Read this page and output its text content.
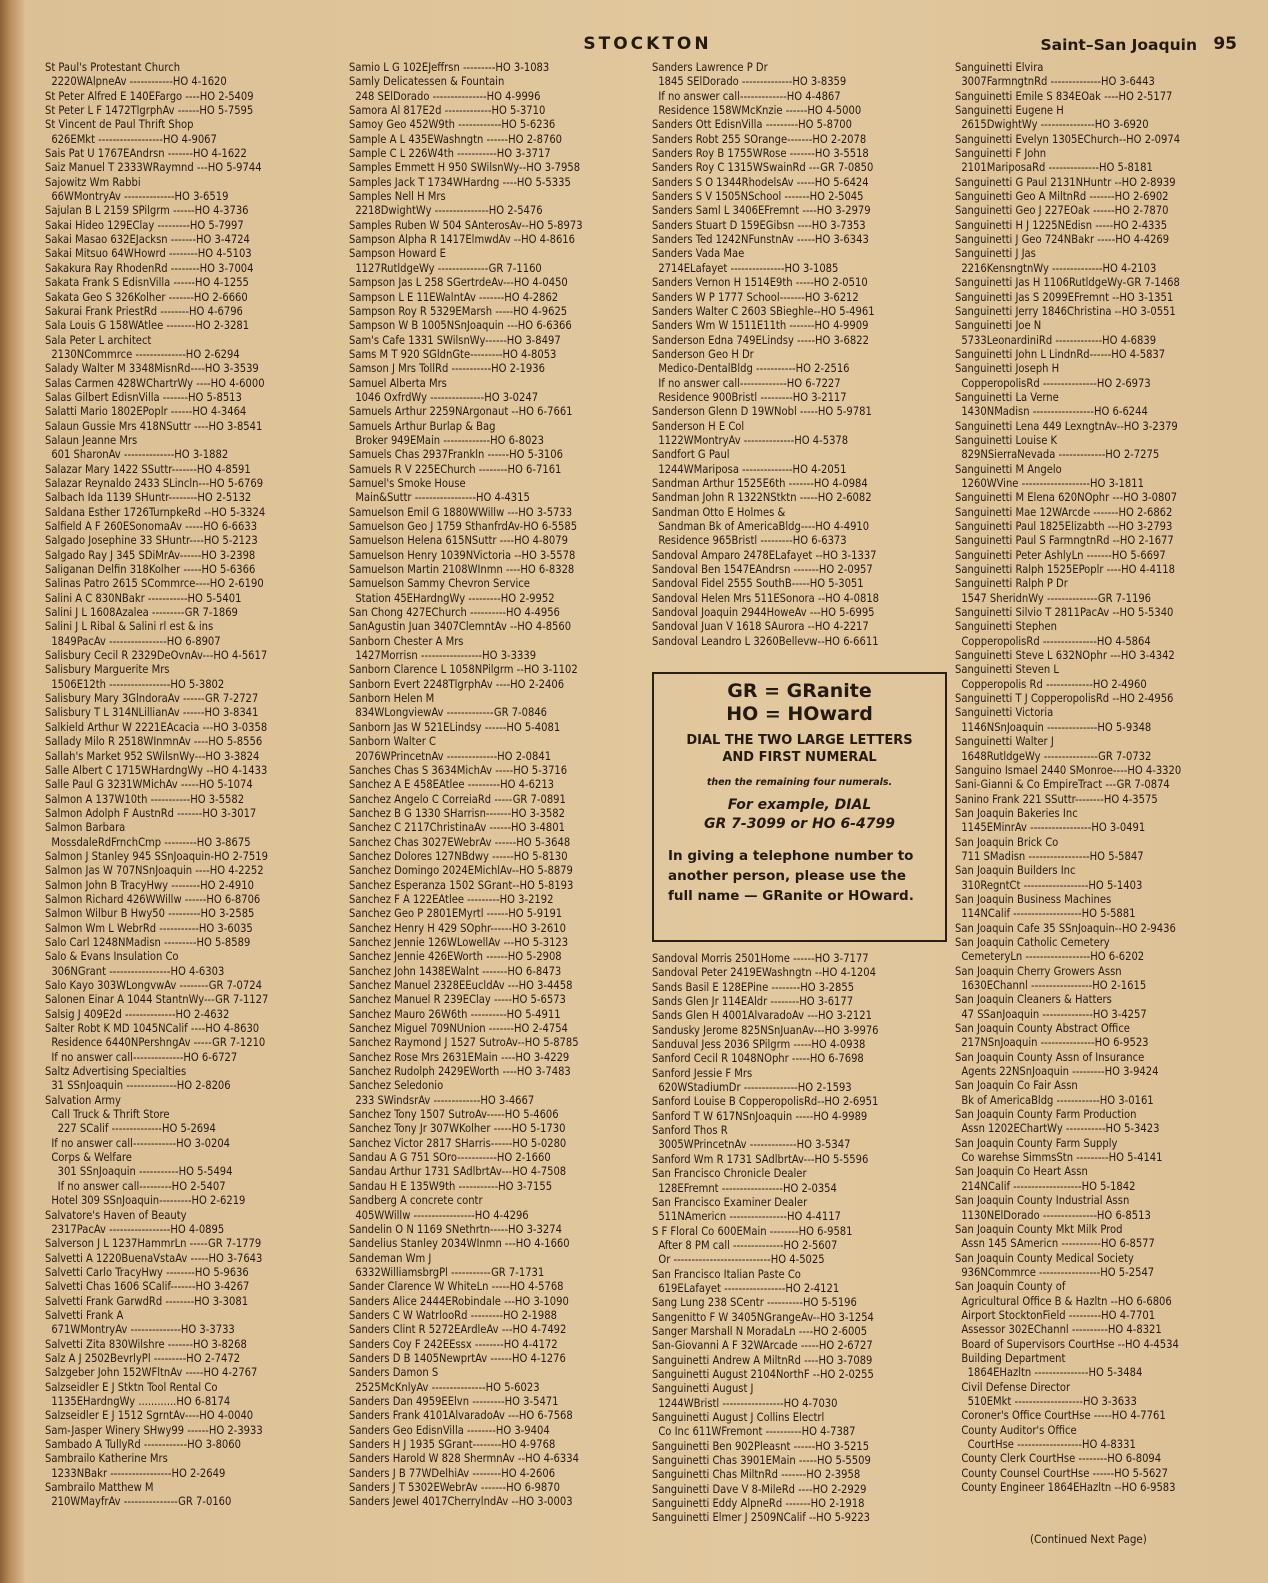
STOCKTON	Saint–San Joaquin 95
St Paul's Protestant Church
2220WAlpneAv ------------HO 4-1620
St Peter Alfred E 140EFargo ----HO 2-5409
St Peter L F 1472TlgrphAv ------HO 5-7595
St Vincent de Paul Thrift Shop
626EMkt ------------------HO 4-9067
Sais Pat U 1767EAndrsn -------HO 4-1622
Saiz Manuel T 2333WRaymnd ---HO 5-9744
Sajowitz Wm Rabbi
66WMontryAv --------------HO 3-6519
Sajulan B L 2159 SPilgrm ------HO 4-3736
Sakai Hideo 129EClay ---------HO 5-7997
Sakai Masao 632EJacksn -------HO 3-4724
Sakai Mitsuo 64WHowrd --------HO 4-5103
Sakakura Ray RhodenRd --------HO 3-7004
Sakata Frank S EdisnVilla ------HO 4-1255
Sakata Geo S 326Kolher -------HO 2-6660
Sakurai Frank PriestRd --------HO 4-6796
Sala Louis G 158WAtlee --------HO 2-3281
Sala Peter L architect
2130NCommrce --------------HO 2-6294
Salady Walter M 3348MisnRd----HO 3-3539
Salas Carmen 428WChartrWy ----HO 4-6000
Salas Gilbert EdisnVilla -------HO 5-8513
Salatti Mario 1802EPoplr ------HO 4-3464
Salaun Gussie Mrs 418NSuttr ----HO 3-8541
Salaun Jeanne Mrs
601 SharonAv --------------HO 3-1882
Salazar Mary 1422 SSuttr-------HO 4-8591
Salazar Reynaldo 2433 SLincln---HO 5-6769
Salbach Ida 1139 SHuntr--------HO 2-5132
Saldana Esther 1726TurnpkeRd --HO 5-3324
Salfield A F 260ESonomaAv -----HO 6-6633
Salgado Josephine 33 SHuntr----HO 5-2123
Salgado Ray J 345 SDiMrAv------HO 3-2398
Saliganan Delfin 318Kolher -----HO 5-6366
Salinas Patro 2615 SCommrce----HO 2-6190
Salini A C 830NBakr -----------HO 5-5401
Salini J L 1608Azalea ---------GR 7-1869
Salini J L Ribal & Salini rl est & ins
1849PacAv ----------------HO 6-8907
Salisbury Cecil R 2329DeOvnAv---HO 4-5617
Salisbury Marguerite Mrs
1506E12th -----------------HO 5-3802
Salisbury Mary 3GlndoraAv ------GR 7-2727
Salisbury T L 314NLillianAv ------HO 3-8341
Salkield Arthur W 2221EAcacia ---HO 3-0358
Sallady Milo R 2518WInmnAv ----HO 5-8556
Sallah's Market 952 SWilsnWy---HO 3-3824
Salle Albert C 1715WHardngWy --HO 4-1433
Salle Paul G 3231WMichAv -----HO 5-1074
Salmon A 137W10th -----------HO 3-5582
Salmon Adolph F AustnRd -------HO 3-3017
Salmon Barbara
MossdaleRdFrnchCmp ---------HO 3-8675
Salmon J Stanley 945 SSnJoaquin-HO 2-7519
Salmon Jas W 707NSnJoaquin ----HO 4-2252
Salmon John B TracyHwy --------HO 2-4910
Salmon Richard 426WWillw ------HO 6-8706
Salmon Wilbur B Hwy50 ---------HO 3-2585
Salmon Wm L WebrRd -----------HO 3-6035
Salo Carl 1248NMadisn ---------HO 5-8589
Salo & Evans Insulation Co
306NGrant -----------------HO 4-6303
Salo Kayo 303WLongvwAv --------GR 7-0724
Salonen Einar A 1044 StantnWy---GR 7-1127
Salsig J 409E2d --------------HO 2-4632
Salter Robt K MD 1045NCalif ----HO 4-8630
Residence 6440NPershngAv -----GR 7-1210
If no answer call--------------HO 6-6727
Saltz Advertising Specialties
31 SSnJoaquin --------------HO 2-8206
Salvation Army
Call Truck & Thrift Store
227 SCalif --------------HO 5-2694
If no answer call------------HO 3-0204
Corps & Welfare
301 SSnJoaquin -----------HO 5-5494
If no answer call---------HO 2-5407
Hotel 309 SSnJoaquin---------HO 2-6219
Salvatore's Haven of Beauty
2317PacAv -----------------HO 4-0895
Salverson J L 1237HammrLn -----GR 7-1779
Salvetti A 1220BuenaVstaAv -----HO 3-7643
Salvetti Carlo TracyHwy --------HO 5-9636
Salvetti Chas 1606 SCalif-------HO 3-4267
Salvetti Frank GarwdRd --------HO 3-3081
Salvetti Frank A
671WMontryAv --------------HO 3-3733
Salvetti Zita 830Wilshre -------HO 3-8268
Salz A J 2502BevrlyPl ---------HO 2-7472
Salzgeber John 152WFltnAv -----HO 4-2767
Salzseidler E J Stktn Tool Rental Co
1135EHardngWy ............HO 6-8174
Salzseidler E J 1512 SgrntAv----HO 4-0040
Sam-Jasper Winery SHwy99 ------HO 2-3933
Sambado A TullyRd ------------HO 3-8060
Sambrailo Katherine Mrs
1233NBakr -----------------HO 2-2649
Sambrailo Matthew M
210WMayfrAv ---------------GR 7-0160
Samio L G 102EJeffrsn ---------HO 3-1083
Samly Delicatessen & Fountain
248 SElDorado ---------------HO 4-9996
Samora Al 817E2d -------------HO 5-3710
Samoy Geo 452W9th ------------HO 5-6236
Sample A L 435EWashngtn ------HO 2-8760
Sample C L 226W4th -----------HO 3-3717
Samples Emmett H 950 SWilsnWy--HO 3-7958
Samples Jack T 1734WHardng ----HO 5-5335
Samples Nell H Mrs
2218DwightWy ---------------HO 2-5476
Samples Ruben W 504 SAnterosAv--HO 5-8973
Sampson Alpha R 1417ElmwdAv --HO 4-8616
Sampson Howard E
1127RutldgeWy --------------GR 7-1160
Sampson Jas L 258 SGertrdeAv---HO 4-0450
Sampson L E 11EWalntAv -------HO 4-2862
Sampson Roy R 5329EMarsh -----HO 4-9625
Sampson W B 1005NSnJoaquin ---HO 6-6366
Sam's Cafe 1331 SWilsnWy------HO 3-8497
Sams M T 920 SGldnGte---------HO 4-8053
Samson J Mrs TollRd -----------HO 2-1936
Samuel Alberta Mrs
1046 OxfrdWy ---------------HO 3-0247
Samuels Arthur 2259NArgonaut --HO 6-7661
Samuels Arthur Burlap & Bag
Broker 949EMain -------------HO 6-8023
Samuels Chas 2937Frankln ------HO 5-3106
Samuels R V 225EChurch --------HO 6-7161
Samuel's Smoke House
Main&Suttr -----------------HO 4-4315
Samuelson Emil G 1880WWillw ---HO 3-5733
Samuelson Geo J 1759 SthanfrdAv-HO 6-5585
Samuelson Helena 615NSuttr ----HO 4-8079
Samuelson Henry 1039NVictoria --HO 3-5578
Samuelson Martin 2108WInmn ----HO 6-8328
Samuelson Sammy Chevron Service
Station 45EHardngWy ---------HO 2-9952
San Chong 427EChurch ----------HO 4-4956
SanAgustin Juan 3407ClemntAv --HO 4-8560
Sanborn Chester A Mrs
1427Morrisn -----------------HO 3-3339
Sanborn Clarence L 1058NPilgrm --HO 3-1102
Sanborn Evert 2248TlgrphAv ----HO 2-2406
Sanborn Helen M
834WLongviewAv -------------GR 7-0846
Sanborn Jas W 521ELindsy ------HO 5-4081
Sanborn Walter C
2076WPrincetnAv --------------HO 2-0841
Sanches Chas S 3634MichAv -----HO 5-3716
Sanchez A E 458EAtlee ---------HO 4-6213
Sanchez Angelo C CorreiaRd -----GR 7-0891
Sanchez B G 1330 SHarrisn-------HO 3-3582
Sanchez C 2117ChristinaAv ------HO 3-4801
Sanchez Chas 3027EWebrAv ------HO 5-3648
Sanchez Dolores 127NBdwy ------HO 5-8130
Sanchez Domingo 2024EMichlAv--HO 5-8879
Sanchez Esperanza 1502 SGrant--HO 5-8193
Sanchez F A 122EAtlee ---------HO 3-2192
Sanchez Geo P 2801EMyrtl ------HO 5-9191
Sanchez Henry H 429 SOphr------HO 3-2610
Sanchez Jennie 126WLowellAv ---HO 5-3123
Sanchez Jennie 426EWorth ------HO 5-2908
Sanchez John 1438EWalnt -------HO 6-8473
Sanchez Manuel 2328EEucldAv ---HO 3-4458
Sanchez Manuel R 239EClay -----HO 5-6573
Sanchez Mauro 26W6th ----------HO 5-4911
Sanchez Miguel 709NUnion -------HO 2-4754
Sanchez Raymond J 1527 SutroAv--HO 5-8785
Sanchez Rose Mrs 2631EMain ----HO 3-4229
Sanchez Rudolph 2429EWorth ----HO 3-7483
Sanchez Seledonio
233 SWindsrAv -------------HO 3-4667
Sanchez Tony 1507 SutroAv-----HO 5-4606
Sanchez Tony Jr 307WKolher -----HO 5-1730
Sanchez Victor 2817 SHarris------HO 5-0280
Sandau A G 751 SOro-----------HO 2-1660
Sandau Arthur 1731 SAdlbrtAv---HO 4-7508
Sandau H E 135W9th -----------HO 3-7155
Sandberg A concrete contr
405WWillw -----------------HO 4-4296
Sandelin O N 1169 SNethrtn-----HO 3-3274
Sandelius Stanley 2034WInmn ---HO 4-1660
Sandeman Wm J
6332WilliamsbrgPl -----------GR 7-1731
Sander Clarence W WhiteLn -----HO 4-5768
Sanders Alice 2444ERobindale ---HO 3-1090
Sanders C W WatrlooRd ---------HO 2-1988
Sanders Clint R 5272EArdleAv ---HO 4-7492
Sanders Coy F 242EEssx --------HO 4-4172
Sanders D B 1405NewprtAv ------HO 4-1276
Sanders Damon S
2525McKnlyAv ---------------HO 5-6023
Sanders Dan 4959EElvn ---------HO 3-5471
Sanders Frank 4101AlvaradoAv ---HO 6-7568
Sanders Geo EdisnVilla --------HO 3-9404
Sanders H J 1935 SGrant--------HO 4-9768
Sanders Harold W 828 ShermnAv --HO 4-6334
Sanders J B 77WDelhiAv --------HO 4-2606
Sanders J T 5302EWebrAv -------HO 6-9870
Sanders Jewel 4017CherrylndAv --HO 3-0003
Sanders Lawrence P Dr
1845 SElDorado --------------HO 3-8359
If no answer call-------------HO 4-4867
Residence 158WMcKnzie ------HO 4-5000
Sanders Ott EdisnVilla ---------HO 5-8700
Sanders Robt 255 SOrange-------HO 2-2078
Sanders Roy B 1755WRose -------HO 3-5518
Sanders Roy C 1315WSwainRd ---GR 7-0850
Sanders S O 1344RhodelsAv -----HO 5-6424
Sanders S V 1505NSchool -------HO 2-5045
Sanders Saml L 3406EFremnt ----HO 3-2979
Sanders Stuart D 159EGibsn ----HO 3-7353
Sanders Ted 1242NFunstnAv -----HO 3-6343
Sanders Vada Mae
2714ELafayet ---------------HO 3-1085
Sanders Vernon H 1514E9th -----HO 2-0510
Sanders W P 1777 School-------HO 3-6212
Sanders Walter C 2603 SBieghle--HO 5-4961
Sanders Wm W 1511E11th -------HO 4-9909
Sanderson Edna 749ELindsy -----HO 3-6822
Sanderson Geo H Dr
Medico-DentalBldg -----------HO 2-2516
If no answer call-------------HO 6-7227
Residence 900Bristl ---------HO 3-2117
Sanderson Glenn D 19WNobl -----HO 5-9781
Sanderson H E Col
1122WMontryAv --------------HO 4-5378
Sandfort G Paul
1244WMariposa --------------HO 4-2051
Sandman Arthur 1525E6th -------HO 4-0984
Sandman John R 1322NStktn -----HO 2-6082
Sandman Otto E Holmes &
Sandman Bk of AmericaBldg----HO 4-4910
Residence 965Bristl ---------HO 6-6373
Sandoval Amparo 2478ELafayet --HO 3-1337
Sandoval Ben 1547EAndrsn -------HO 2-0957
Sandoval Fidel 2555 SouthB-----HO 5-3051
Sandoval Helen Mrs 511ESonora --HO 4-0818
Sandoval Joaquin 2944HoweAv ---HO 5-6995
Sandoval Juan V 1618 SAurora --HO 4-2217
Sandoval Leandro L 3260Bellevw--HO 6-6611
GR = GRanite
HO = HOward
DIAL THE TWO LARGE LETTERS
AND FIRST NUMERAL
then the remaining four numerals.
For example, DIAL
GR 7-3099 or HO 6-4799
In giving a telephone number to another person, please use the full name — GRanite or HOward.
Sandoval Morris 2501Home ------HO 3-7177
Sandoval Peter 2419EWashngtn --HO 4-1204
Sands Basil E 128EPine --------HO 3-2855
Sands Glen Jr 114EAldr --------HO 3-6177
Sands Glen H 4001AlvaradoAv ---HO 3-2121
Sandusky Jerome 825NSnJuanAv---HO 3-9976
Sanduval Jess 2036 SPilgrm -----HO 4-0938
Sanford Cecil R 1048NOphr -----HO 6-7698
Sanford Jessie F Mrs
620WStadiumDr ---------------HO 2-1593
Sanford Louise B CopperopolisRd--HO 2-6951
Sanford T W 617NSnJoaquin -----HO 4-9989
Sanford Thos R
3005WPrincetnAv -------------HO 3-5347
Sanford Wm R 1731 SAdlbrtAv---HO 5-5596
San Francisco Chronicle Dealer
128EFremnt -----------------HO 2-0354
San Francisco Examiner Dealer
511NAmericn ----------------HO 4-4117
S F Floral Co 600EMain --------HO 6-9581
After 8 PM call --------------HO 2-5607
Or ---------------------------HO 4-5025
San Francisco Italian Paste Co
619ELafayet -----------------HO 2-4121
Sang Lung 238 SCentr ----------HO 5-5196
Sangenitto F W 3405NGrangeAv--HO 3-1254
Sanger Marshall N MoradaLn ----HO 2-6005
San-Giovanni A F 32WArcade -----HO 2-6727
Sanguinetti Andrew A MiltnRd ----HO 3-7089
Sanguinetti August 2104NorthF --HO 2-0255
Sanguinetti August J
1244WBristl -----------------HO 4-7030
Sanguinetti August J Collins Electrl
Co Inc 611WFremont ----------HO 4-7387
Sanguinetti Ben 902Pleasnt ------HO 3-5215
Sanguinetti Chas 3901EMain -----HO 5-5509
Sanguinetti Chas MiltnRd -------HO 2-3958
Sanguinetti Dave V 8-MileRd ----HO 2-2929
Sanguinetti Eddy AlpneRd -------HO 2-1918
Sanguinetti Elmer J 2509NCalif --HO 5-9223
Sanguinetti Elvira
3007FarmngtnRd --------------HO 3-6443
Sanguinetti Emile S 834EOak ----HO 2-5177
Sanguinetti Eugene H
2615DwightWy ---------------HO 3-6920
Sanguinetti Evelyn 1305EChurch--HO 2-0974
Sanguinetti F John
2101MariposaRd --------------HO 5-8181
Sanguinetti G Paul 2131NHuntr --HO 2-8939
Sanguinetti Geo A MiltnRd -------HO 2-6902
Sanguinetti Geo J 227EOak ------HO 2-7870
Sanguinetti H J 1225NEdisn -----HO 2-4335
Sanguinetti J Geo 724NBakr -----HO 4-4269
Sanguinetti J Jas
2216KensngtnWy --------------HO 4-2103
Sanguinetti Jas H 1106RutldgeWy-GR 7-1468
Sanguinetti Jas S 2099EFremnt --HO 3-1351
Sanguinetti Jerry 1846Christina --HO 3-0551
Sanguinetti Joe N
5733LeonardiniRd -------------HO 4-6839
Sanguinetti John L LindnRd------HO 4-5837
Sanguinetti Joseph H
CopperopolisRd ---------------HO 2-6973
Sanguinetti La Verne
1430NMadisn -----------------HO 6-6244
Sanguinetti Lena 449 LexngtnAv--HO 3-2379
Sanguinetti Louise K
829NSierraNevada -------------HO 2-7275
Sanguinetti M Angelo
1260WVine -------------------HO 3-1811
Sanguinetti M Elena 620NOphr ---HO 3-0807
Sanguinetti Mae 12WArcde -------HO 2-6862
Sanguinetti Paul 1825Elizabth ---HO 3-2793
Sanguinetti Paul S FarmngtnRd --HO 2-1677
Sanguinetti Peter AshlyLn -------HO 5-6697
Sanguinetti Ralph 1525EPoplr ----HO 4-4118
Sanguinetti Ralph P Dr
1547 SheridnWy --------------GR 7-1196
Sanguinetti Silvio T 2811PacAv --HO 5-5340
Sanguinetti Stephen
CopperopolisRd ---------------HO 4-5864
Sanguinetti Steve L 632NOphr ---HO 3-4342
Sanguinetti Steven L
Copperopolis Rd -------------HO 2-4960
Sanguinetti T J CopperopolisRd --HO 2-4956
Sanguinetti Victoria
1146NSnJoaquin --------------HO 5-9348
Sanguinetti Walter J
1648RutldgeWy ---------------GR 7-0732
Sanguino Ismael 2440 SMonroe----HO 4-3320
Sani-Gianni & Co EmpireTract ---GR 7-0874
Sanino Frank 221 SSuttr--------HO 4-3575
San Joaquin Bakeries Inc
1145EMinrAv -----------------HO 3-0491
San Joaquin Brick Co
711 SMadisn -----------------HO 5-5847
San Joaquin Builders Inc
310RegntCt ------------------HO 5-1403
San Joaquin Business Machines
114NCalif -------------------HO 5-5881
San Joaquin Cafe 35 SSnJoaquin--HO 2-9436
San Joaquin Catholic Cemetery
CemeteryLn ------------------HO 6-6202
San Joaquin Cherry Growers Assn
1630EChannl -----------------HO 2-1615
San Joaquin Cleaners & Hatters
47 SSanJoaquin --------------HO 3-4257
San Joaquin County Abstract Office
217NSnJoaquin ---------------HO 6-9523
San Joaquin County Assn of Insurance
Agents 22NSnJoaquin ---------HO 3-9424
San Joaquin Co Fair Assn
Bk of AmericaBldg ------------HO 3-0161
San Joaquin County Farm Production
Assn 1202EChartWy -----------HO 5-3423
San Joaquin County Farm Supply
Co warehse SimmsStn ---------HO 5-4141
San Joaquin Co Heart Assn
214NCalif -------------------HO 5-1842
San Joaquin County Industrial Assn
1130NElDorado ---------------HO 6-8513
San Joaquin County Mkt Milk Prod
Assn 145 SAmericn -----------HO 6-8577
San Joaquin County Medical Society
936NCommrce -----------------HO 5-2547
San Joaquin County of
Agricultural Office B & Hazltn --HO 6-6806
Airport StocktonField ---------HO 4-7701
Assessor 302EChannl ----------HO 4-8321
Board of Supervisors CourtHse --HO 4-4534
Building Department
1864EHazltn ---------------HO 5-3484
Civil Defense Director
510EMkt -------------------HO 3-3633
Coroner's Office CourtHse -----HO 4-7761
County Auditor's Office
CourtHse ------------------HO 4-8331
County Clerk CourtHse --------HO 6-8094
County Counsel CourtHse ------HO 5-5627
County Engineer 1864EHazltn --HO 6-9583
(Continued Next Page)
